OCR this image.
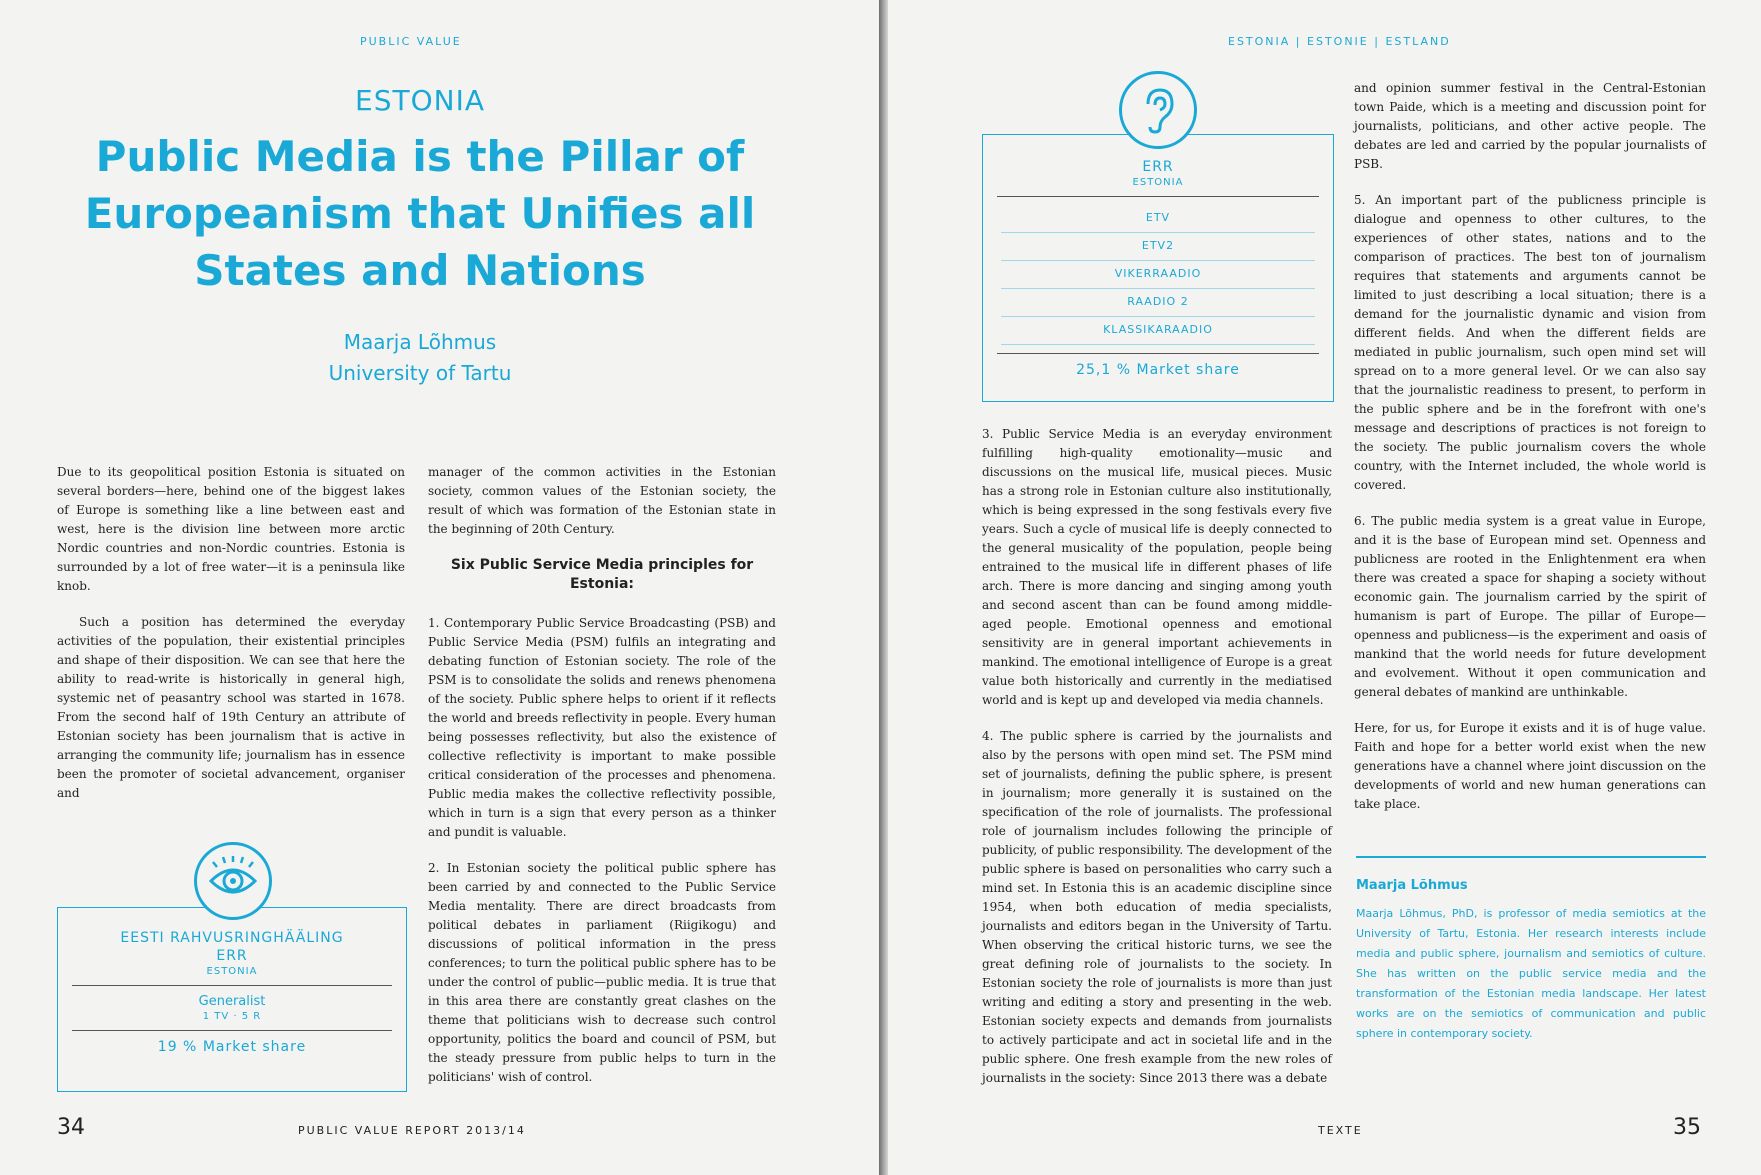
PUBLIC VALUE
ESTONIA
Public Media is the Pillar of Europeanism that Unifies all States and Nations
Maarja Lõhmus
University of Tartu

Due to its geopolitical position Estonia is situated on several borders—here, behind one of the biggest lakes of Europe is something like a line between east and west, here is the division line between more arctic Nordic countries and non-Nordic countries. Estonia is surrounded by a lot of free water—it is a peninsula like knob.

Such a position has determined the everyday activities of the population, their existential principles and shape of their disposition. We can see that here the ability to read-write is historically in general high, systemic net of peasantry school was started in 1678. From the second half of 19th Century an attribute of Estonian society has been journalism that is active in arranging the community life; journalism has in essence been the promoter of societal advancement, organiser and

manager of the common activities in the Estonian society, common values of the Estonian society, the result of which was formation of the Estonian state in the beginning of 20th Century.

Six Public Service Media principles for Estonia:

1. Contemporary Public Service Broadcasting (PSB) and Public Service Media (PSM) fulfils an integrating and debating function of Estonian society. The role of the PSM is to consolidate the solids and renews phenomena of the society. Public sphere helps to orient if it reflects the world and breeds reflectivity in people. Every human being possesses reflectivity, but also the existence of collective reflectivity is important to make possible critical consideration of the processes and phenomena. Public media makes the collective reflectivity possible, which in turn is a sign that every person as a thinker and pundit is valuable.

2. In Estonian society the political public sphere has been carried by and connected to the Public Service Media mentality. There are direct broadcasts from political debates in parliament (Riigikogu) and discussions of political information in the press conferences; to turn the political public sphere has to be under the control of public—public media. It is true that in this area there are constantly great clashes on the theme that politicians wish to decrease such control opportunity, politics the board and council of PSM, but the steady pressure from public helps to turn in the politicians' wish of control.

EESTI RAHVUSRINGHÄÄLING
ERR
ESTONIA
Generalist
1 TV · 5 R
19 % Market share
34	PUBLIC VALUE REPORT 2013/14
ESTONIA | ESTONIE | ESTLAND
ERR
ESTONIA
ETV
ETV2
VIKERRAADIO
RAADIO 2
KLASSIKARAADIO
25,1 % Market share

3. Public Service Media is an everyday environment fulfilling high-quality emotionality—music and discussions on the musical life, musical pieces. Music has a strong role in Estonian culture also institutionally, which is being expressed in the song festivals every five years. Such a cycle of musical life is deeply connected to the general musicality of the population, people being entrained to the musical life in different phases of life arch. There is more dancing and singing among youth and second ascent than can be found among middle-aged people. Emotional openness and emotional sensitivity are in general important achievements in mankind. The emotional intelligence of Europe is a great value both historically and currently in the mediatised world and is kept up and developed via media channels.

4. The public sphere is carried by the journalists and also by the persons with open mind set. The PSM mind set of journalists, defining the public sphere, is present in journalism; more generally it is sustained on the specification of the role of journalists. The professional role of journalism includes following the principle of publicity, of public responsibility. The development of the public sphere is based on personalities who carry such a mind set. In Estonia this is an academic discipline since 1954, when both education of media specialists, journalists and editors began in the University of Tartu. When observing the critical historic turns, we see the great defining role of journalists to the society. In Estonian society the role of journalists is more than just writing and editing a story and presenting in the web. Estonian society expects and demands from journalists to actively participate and act in societal life and in the public sphere. One fresh example from the new roles of journalists in the society: Since 2013 there was a debate

and opinion summer festival in the Central-Estonian town Paide, which is a meeting and discussion point for journalists, politicians, and other active people. The debates are led and carried by the popular journalists of PSB.

5. An important part of the publicness principle is dialogue and openness to other cultures, to the experiences of other states, nations and to the comparison of practices. The best ton of journalism requires that statements and arguments cannot be limited to just describing a local situation; there is a demand for the journalistic dynamic and vision from different fields. And when the different fields are mediated in public journalism, such open mind set will spread on to a more general level. Or we can also say that the journalistic readiness to present, to perform in the public sphere and be in the forefront with one's message and descriptions of practices is not foreign to the society. The public journalism covers the whole country, with the Internet included, the whole world is covered.

6. The public media system is a great value in Europe, and it is the base of European mind set. Openness and publicness are rooted in the Enlightenment era when there was created a space for shaping a society without economic gain. The journalism carried by the spirit of humanism is part of Europe. The pillar of Europe—openness and publicness—is the experiment and oasis of mankind that the world needs for future development and evolvement. Without it open communication and general debates of mankind are unthinkable.

Here, for us, for Europe it exists and it is of huge value. Faith and hope for a better world exist when the new generations have a channel where joint discussion on the developments of world and new human generations can take place.

TEXTE	35
Maarja Lõhmus
Maarja Lõhmus, PhD, is professor of media semiotics at the University of Tartu, Estonia. Her research interests include media and public sphere, journalism and semiotics of culture. She has written on the public service media and the transformation of the Estonian media landscape. Her latest works are on the semiotics of communication and public sphere in contemporary society.
